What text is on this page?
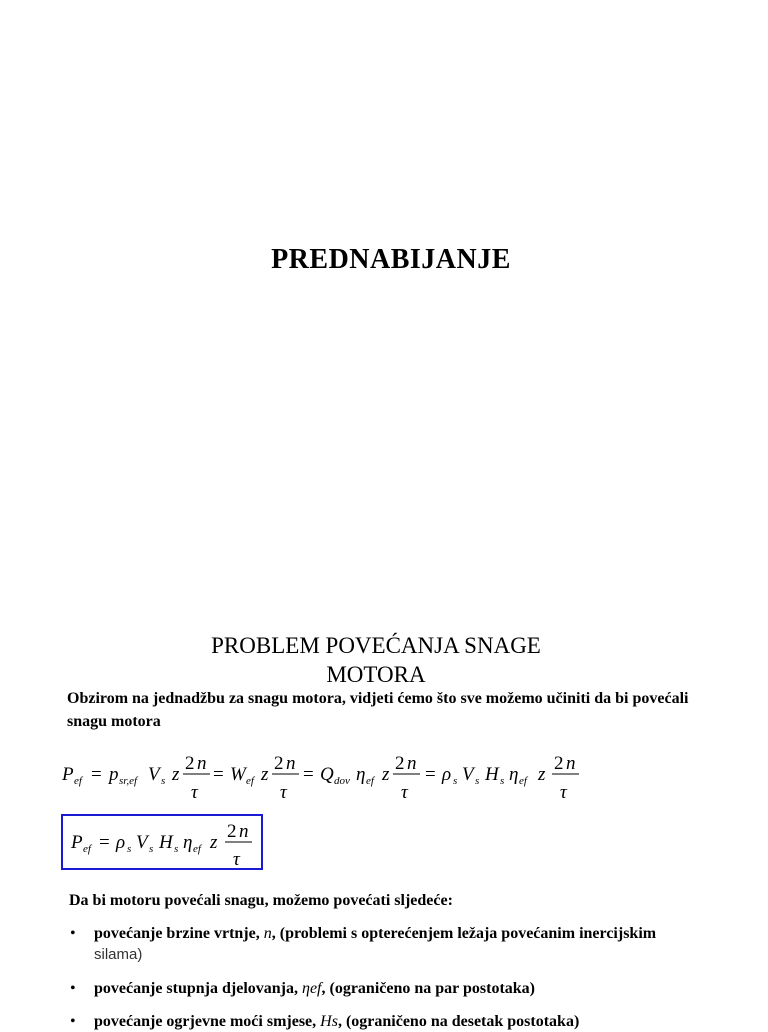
PREDNABIJANJE
PROBLEM POVEĆANJA SNAGE
MOTORA
Obzirom na jednadžbu za snagu motora, vidjeti ćemo što sve možemo učiniti da bi povećali snagu motora
P ef = p sr,ef V s z
2 n
τ
= W ef z
2 n
τ
= Q dov η ef z
2 n
τ
= ρ s V s H s η ef z
2 n
τ
P ef = ρ s V s H s η ef z
2 n
τ
Da bi motoru povećali snagu, možemo povećati sljedeće:
• povećanje brzine vrtnje, n, (problemi s opterećenjem ležaja povećanim inercijskim
silama)
• povećanje stupnja djelovanja, ηef, (ograničeno na par postotaka)
• povećanje ogrjevne moći smjese, Hs, (ograničeno na desetak postotaka)
